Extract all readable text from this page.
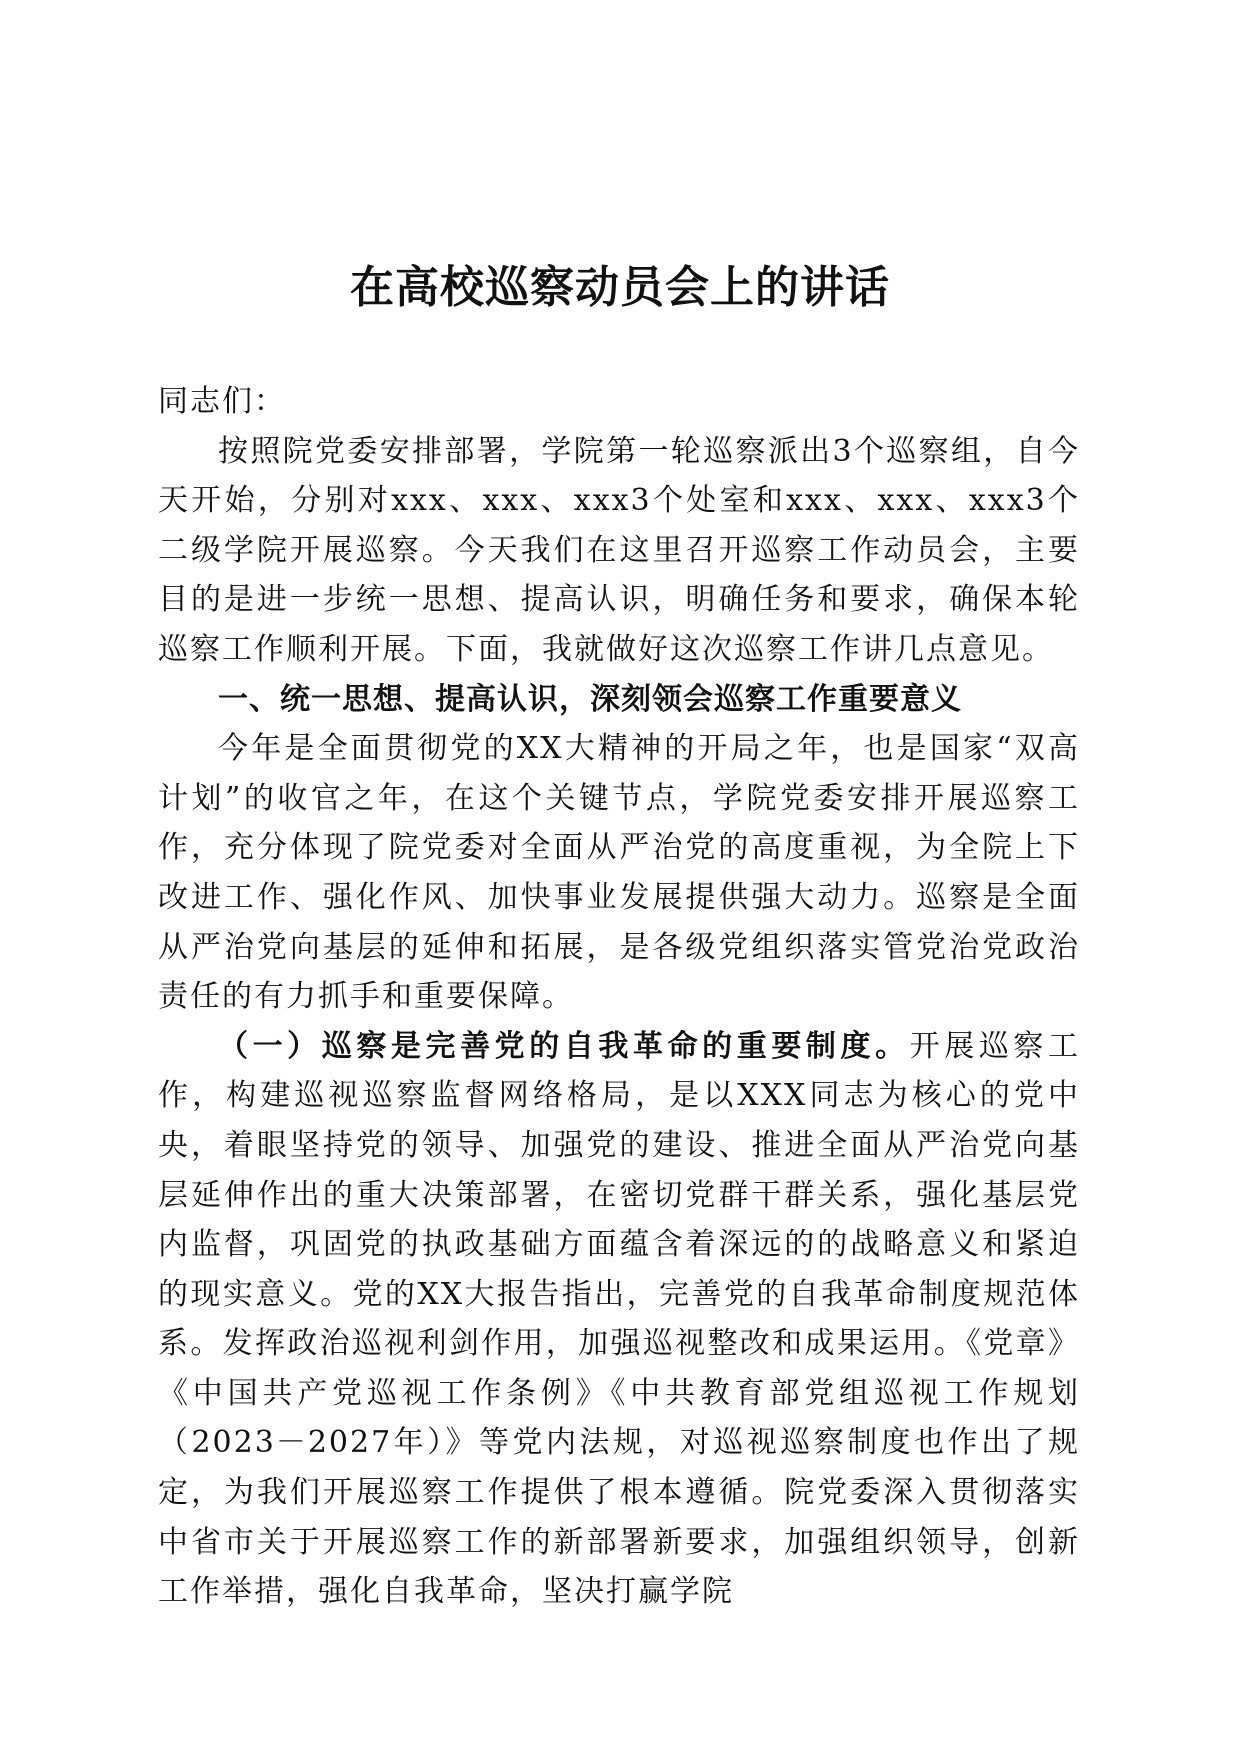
在高校巡察动员会上的讲话

同志们：

按照院党委安排部署，学院第一轮巡察派出3个巡察组，自今天开始，分别对xxx、xxx、xxx3个处室和xxx、xxx、xxx3个二级学院开展巡察。今天我们在这里召开巡察工作动员会，主要目的是进一步统一思想、提高认识，明确任务和要求，确保本轮巡察工作顺利开展。下面，我就做好这次巡察工作讲几点意见。

一、统一思想、提高认识，深刻领会巡察工作重要意义

今年是全面贯彻党的XX大精神的开局之年，也是国家“双高计划”的收官之年，在这个关键节点，学院党委安排开展巡察工作，充分体现了院党委对全面从严治党的高度重视，为全院上下改进工作、强化作风、加快事业发展提供强大动力。巡察是全面从严治党向基层的延伸和拓展，是各级党组织落实管党治党政治责任的有力抓手和重要保障。

（一）巡察是完善党的自我革命的重要制度。开展巡察工作，构建巡视巡察监督网络格局，是以XXX同志为核心的党中央，着眼坚持党的领导、加强党的建设、推进全面从严治党向基层延伸作出的重大决策部署，在密切党群干群关系，强化基层党内监督，巩固党的执政基础方面蕴含着深远的的战略意义和紧迫的现实意义。党的XX大报告指出，完善党的自我革命制度规范体系。发挥政治巡视利剑作用，加强巡视整改和成果运用。《党章》《中国共产党巡视工作条例》《中共教育部党组巡视工作规划（2023－2027年）》等党内法规，对巡视巡察制度也作出了规定，为我们开展巡察工作提供了根本遵循。院党委深入贯彻落实中省市关于开展巡察工作的新部署新要求，加强组织领导，创新工作举措，强化自我革命，坚决打赢学院
